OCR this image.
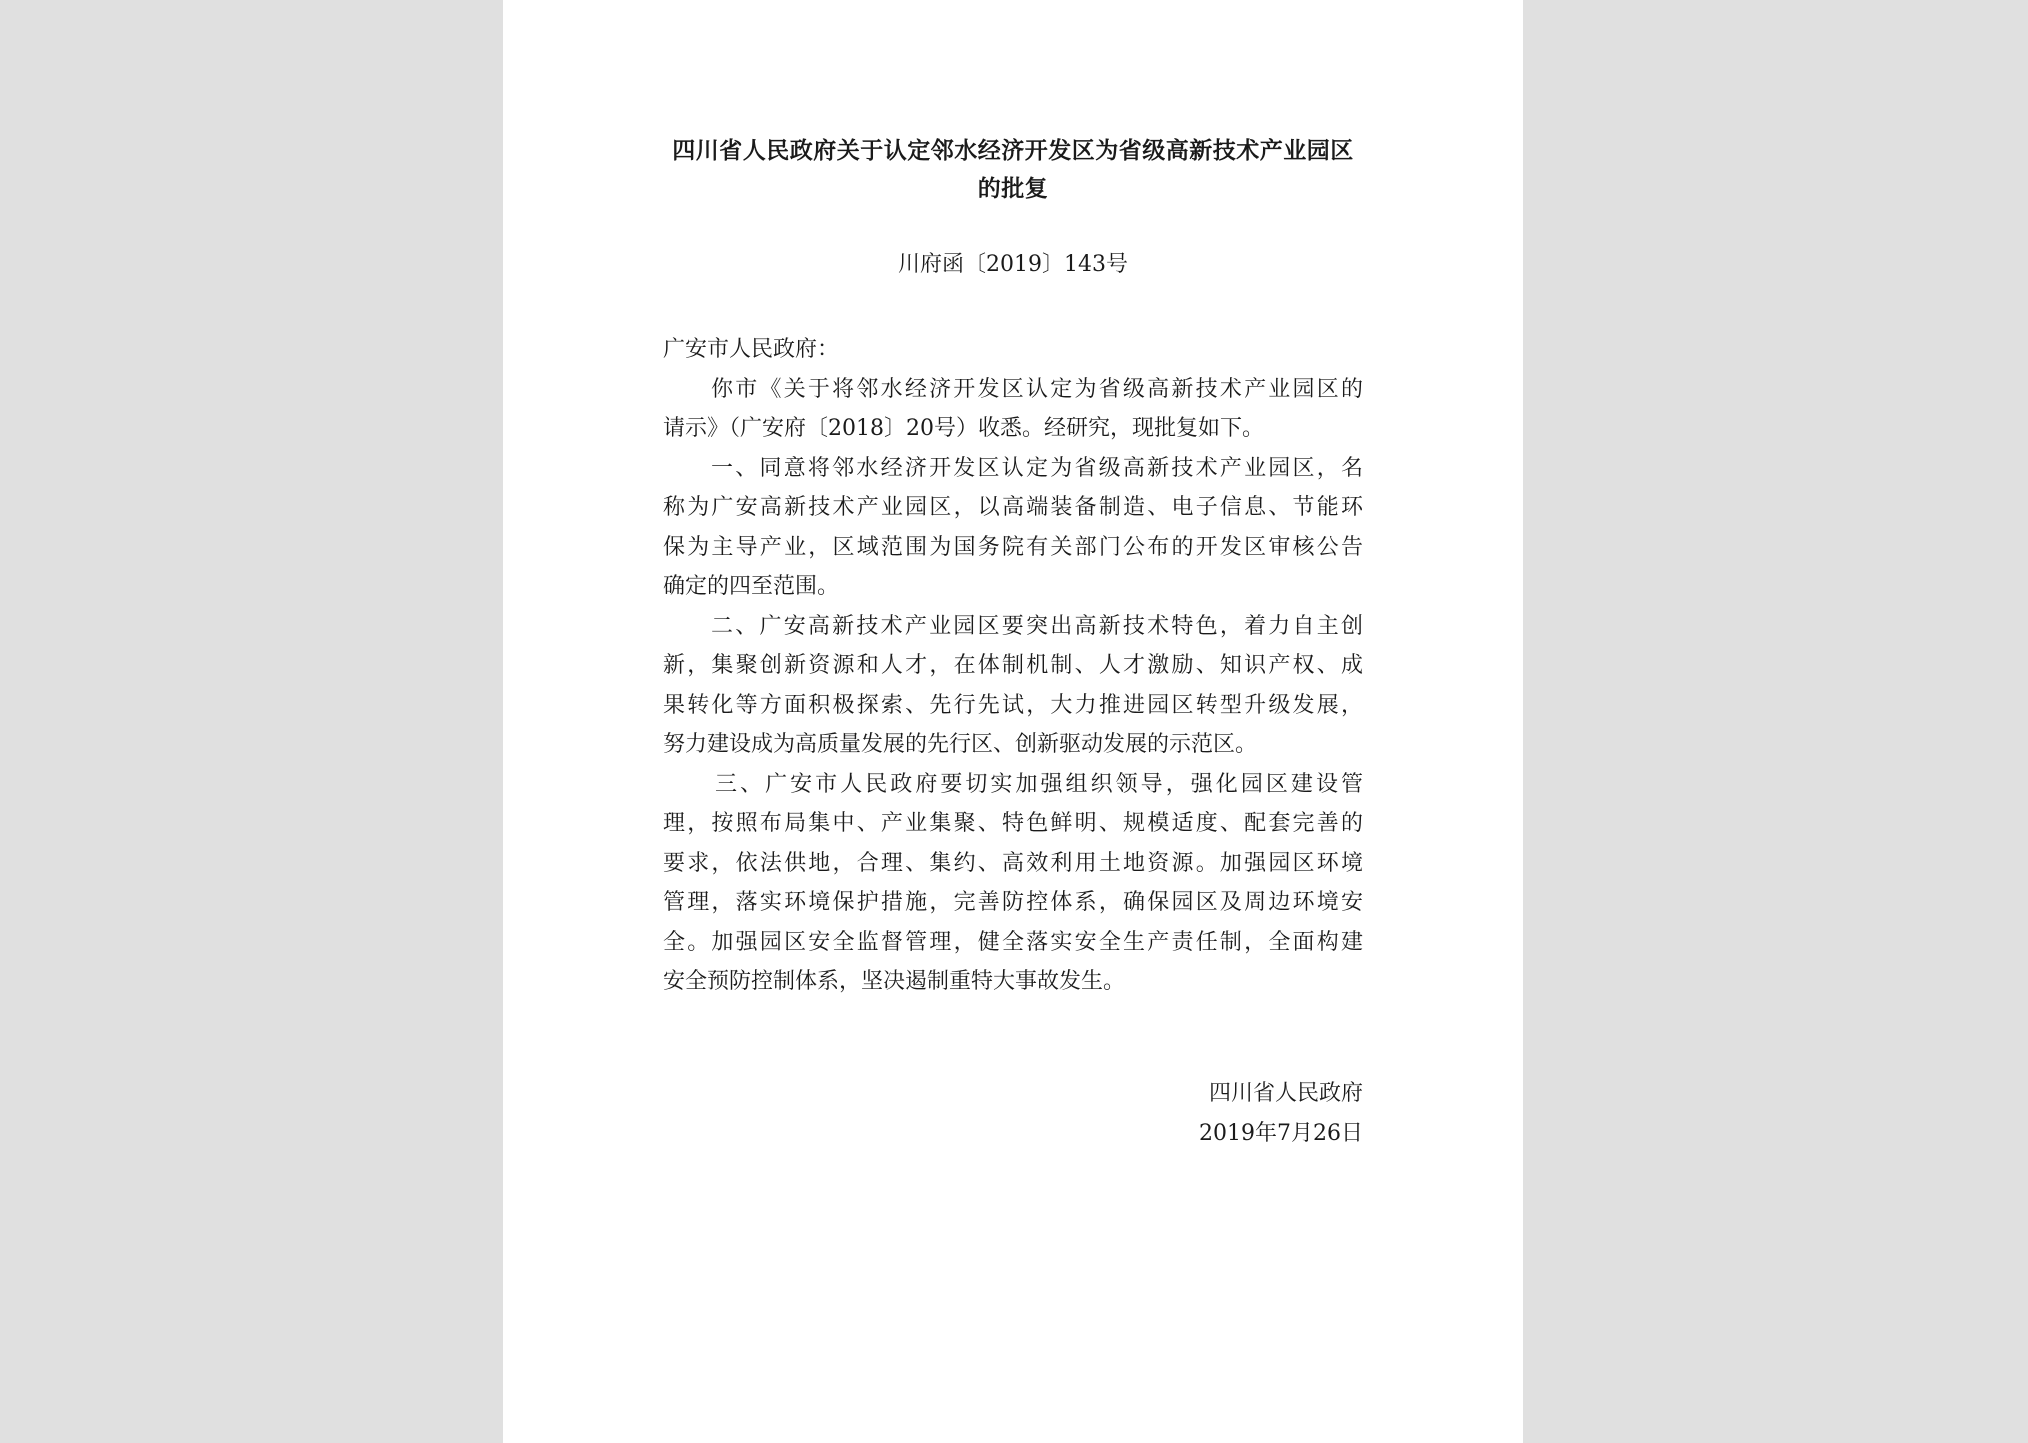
四川省人民政府关于认定邻水经济开发区为省级高新技术产业园区
的批复
川府函〔2019〕143号
广安市人民政府：
你市《关于将邻水经济开发区认定为省级高新技术产业园区的
请示》（广安府〔2018〕20号）收悉。经研究，现批复如下。
一、同意将邻水经济开发区认定为省级高新技术产业园区，名
称为广安高新技术产业园区，以高端装备制造、电子信息、节能环
保为主导产业，区域范围为国务院有关部门公布的开发区审核公告
确定的四至范围。
二、广安高新技术产业园区要突出高新技术特色，着力自主创
新，集聚创新资源和人才，在体制机制、人才激励、知识产权、成
果转化等方面积极探索、先行先试，大力推进园区转型升级发展，
努力建设成为高质量发展的先行区、创新驱动发展的示范区。
三、广安市人民政府要切实加强组织领导，强化园区建设管
理，按照布局集中、产业集聚、特色鲜明、规模适度、配套完善的
要求，依法供地，合理、集约、高效利用土地资源。加强园区环境
管理，落实环境保护措施，完善防控体系，确保园区及周边环境安
全。加强园区安全监督管理，健全落实安全生产责任制，全面构建
安全预防控制体系，坚决遏制重特大事故发生。
四川省人民政府
2019年7月26日
